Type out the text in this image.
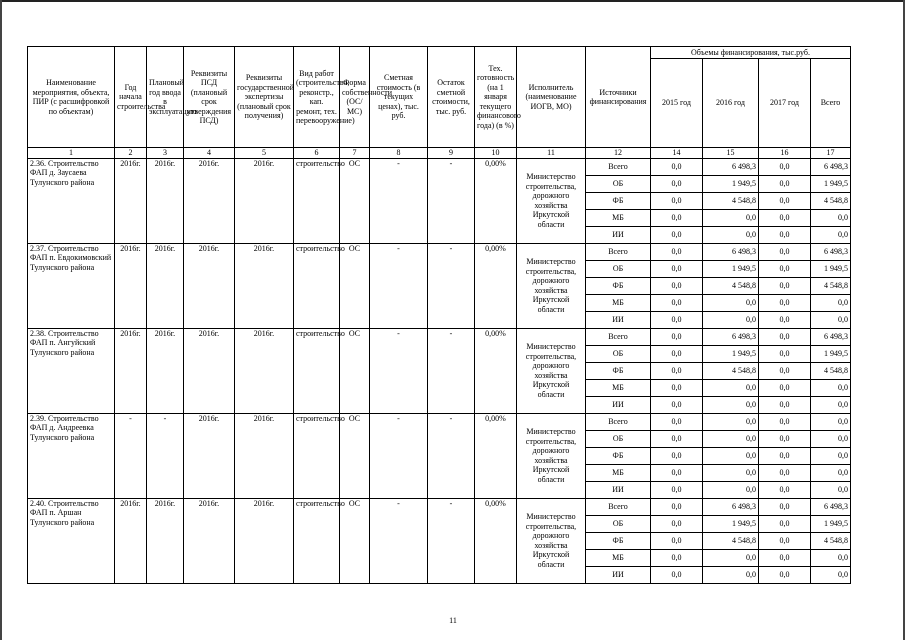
Наименование мероприятия, объекта, ПИР (с расшифровкой по объектам)	Год начала строительства	Плановый год ввода в эксплуатацию	Реквизиты ПСД (плановый срок утверждения ПСД)	Реквизиты государственной экспертизы (плановый срок получения)	Вид работ (строительство, реконстр., кап. ремонт, тех. перевооружение)	Форма собственности (ОС/МС)	Сметная стоимость (в текущих ценах), тыс. руб.	Остаток сметной стоимости, тыс. руб.	Тех. готовность (на 1 января текущего финансового года) (в %)	Исполнитель (наименование ИОГВ, МО)	Источники финансирования	Объемы финансирования, тыс.руб.			
												2015 год	2016 год	2017 год	Всего
1	2	3	4	5	6	7	8	9	10	11	12	14	15	16	17
2.36. Строительство ФАП д. Заусаева Тулунского района	2016г.	2016г.	2016г.	2016г.	строительство	ОС	-	-	0,00%	Министерство строительства, дорожного хозяйства Иркутской области	Всего	0,0	6 498,3	0,0	6 498,3
											ОБ	0,0	1 949,5	0,0	1 949,5
											ФБ	0,0	4 548,8	0,0	4 548,8
											МБ	0,0	0,0	0,0	0,0
											ИИ	0,0	0,0	0,0	0,0
2.37. Строительство ФАП п. Евдокимовский Тулунского района	2016г.	2016г.	2016г.	2016г.	строительство	ОС	-	-	0,00%	Министерство строительства, дорожного хозяйства Иркутской области	Всего	0,0	6 498,3	0,0	6 498,3
											ОБ	0,0	1 949,5	0,0	1 949,5
											ФБ	0,0	4 548,8	0,0	4 548,8
											МБ	0,0	0,0	0,0	0,0
											ИИ	0,0	0,0	0,0	0,0
2.38. Строительство ФАП п. Ангуйский Тулунского района	2016г.	2016г.	2016г.	2016г.	строительство	ОС	-	-	0,00%	Министерство строительства, дорожного хозяйства Иркутской области	Всего	0,0	6 498,3	0,0	6 498,3
											ОБ	0,0	1 949,5	0,0	1 949,5
											ФБ	0,0	4 548,8	0,0	4 548,8
											МБ	0,0	0,0	0,0	0,0
											ИИ	0,0	0,0	0,0	0,0
2.39. Строительство ФАП д. Андреевка Тулунского района	-	-	2016г.	2016г.	строительство	ОС	-	-	0,00%	Министерство строительства, дорожного хозяйства Иркутской области	Всего	0,0	0,0	0,0	0,0
											ОБ	0,0	0,0	0,0	0,0
											ФБ	0,0	0,0	0,0	0,0
											МБ	0,0	0,0	0,0	0,0
											ИИ	0,0	0,0	0,0	0,0
2.40. Строительство ФАП п. Аршан Тулунского района	2016г.	2016г.	2016г.	2016г.	строительство	ОС	-	-	0,00%	Министерство строительства, дорожного хозяйства Иркутской области	Всего	0,0	6 498,3	0,0	6 498,3
											ОБ	0,0	1 949,5	0,0	1 949,5
											ФБ	0,0	4 548,8	0,0	4 548,8
											МБ	0,0	0,0	0,0	0,0
											ИИ	0,0	0,0	0,0	0,0
11
